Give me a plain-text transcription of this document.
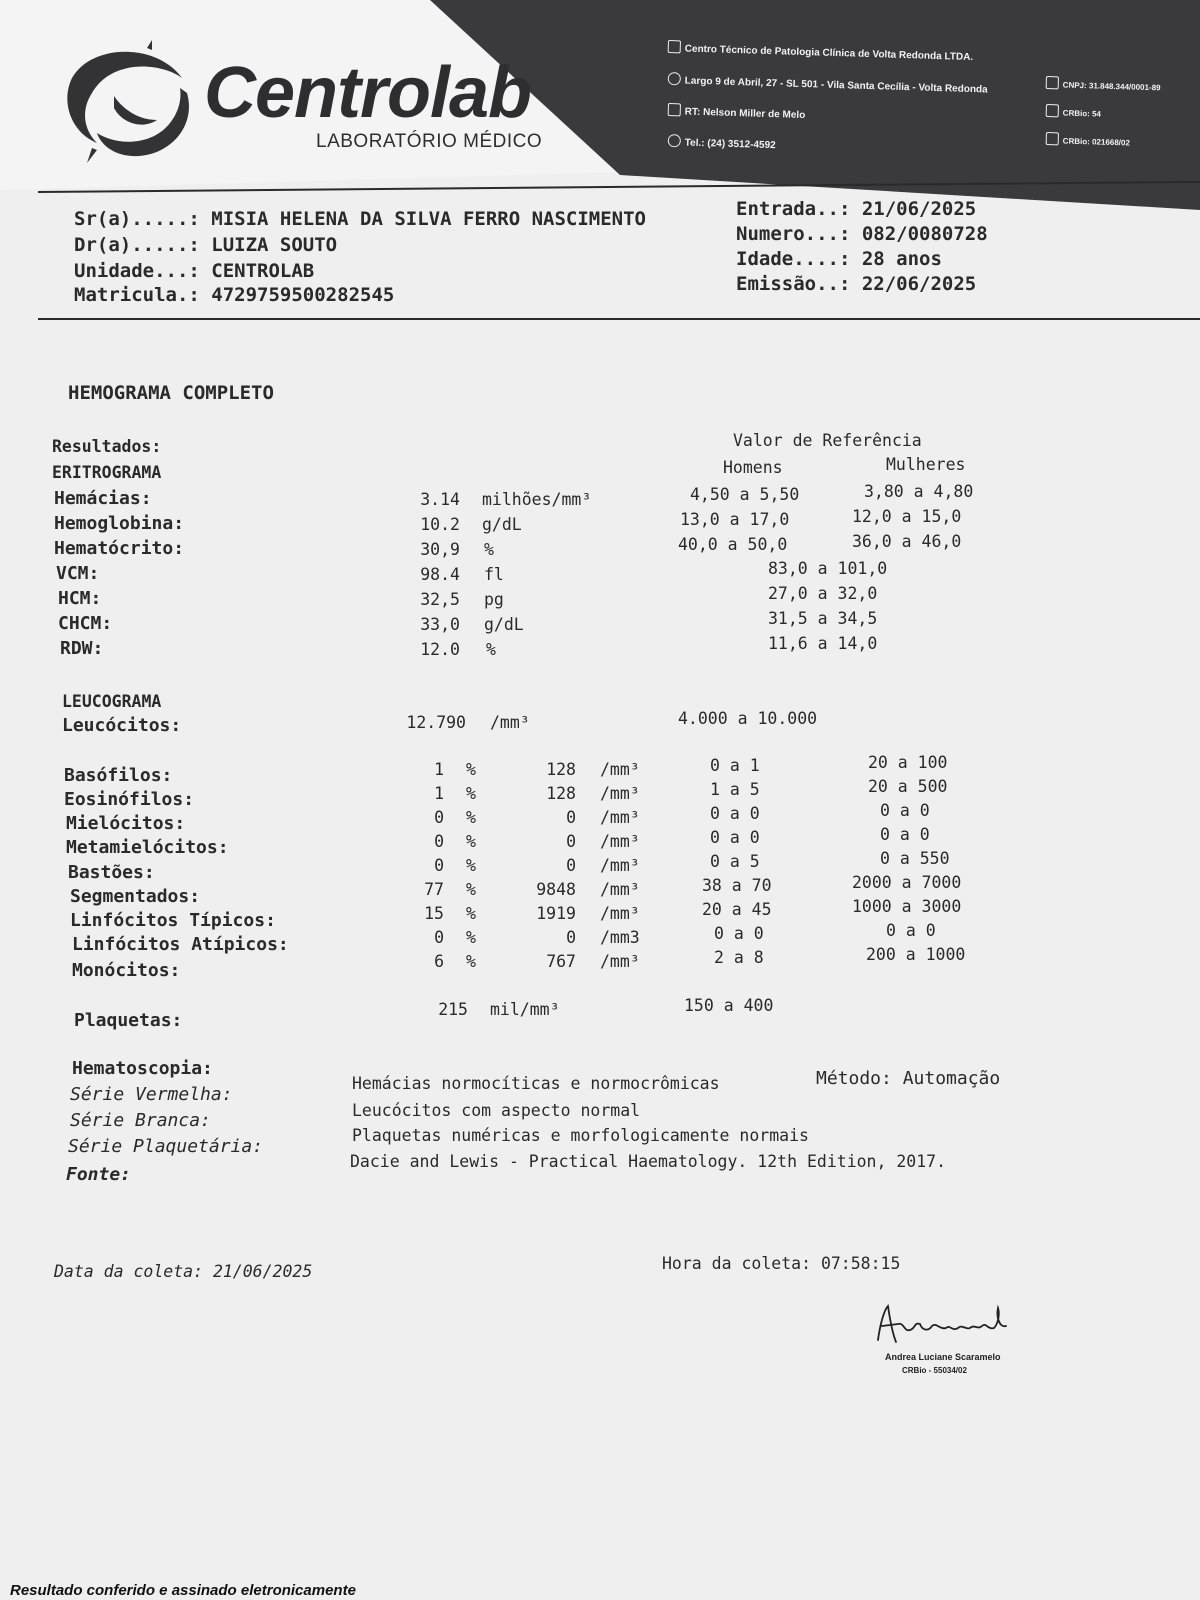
Centrolab
LABORATÓRIO MÉDICO
Centro Técnico de Patologia Clínica de Volta Redonda LTDA.
Largo 9 de Abril, 27 - SL 501 - Vila Santa Cecília - Volta Redonda
RT: Nelson Miller de Melo
Tel.: (24) 3512-4592
CNPJ: 31.848.344/0001-89
CRBio: 54
CRBio: 021668/02
Sr(a).....: MISIA HELENA DA SILVA FERRO NASCIMENTO
Dr(a).....: LUIZA SOUTO
Unidade...: CENTROLAB
Matricula.: 4729759500282545
Entrada..: 21/06/2025
Numero...: 082/0080728
Idade....: 28 anos
Emissão..: 22/06/2025
HEMOGRAMA COMPLETO
Resultados:	Valor de Referência
Homens	Mulheres
ERITROGRAMA
Hemácias:	3.14 milhões/mm³	4,50 a 5,50	3,80 a 4,80
Hemoglobina:	10.2 g/dL	13,0 a 17,0	12,0 a 15,0
Hematócrito:	30,9 %	40,0 a 50,0	36,0 a 46,0
VCM:	98.4 fl	83,0 a 101,0
HCM:	32,5 pg	27,0 a 32,0
CHCM:	33,0 g/dL	31,5 a 34,5
RDW:	12.0 %	11,6 a 14,0
LEUCOGRAMA
Leucócitos:	12.790 /mm³	4.000 a 10.000
Basófilos:	1 %	128 /mm³	0 a 1	20 a 100
Eosinófilos:	1 %	128 /mm³	1 a 5	20 a 500
Mielócitos:	0 %	0 /mm³	0 a 0	0 a 0
Metamielócitos:	0 %	0 /mm³	0 a 0	0 a 0
Bastões:	0 %	0 /mm³	0 a 5	0 a 550
Segmentados:	77 %	9848 /mm³	38 a 70	2000 a 7000
Linfócitos Típicos:	15 %	1919 /mm³	20 a 45	1000 a 3000
Linfócitos Atípicos:	0 %	0 /mm3	0 a 0	0 a 0
Monócitos:	6 %	767 /mm³	2 a 8	200 a 1000
Plaquetas:
215 mil/mm³	150 a 400
Hematoscopia:
Série Vermelha:
Hemácias normocíticas e normocrômicas	Método: Automação
Série Branca:	Leucócitos com aspecto normal
Série Plaquetária:
Plaquetas numéricas e morfologicamente normais
Fonte:
Dacie and Lewis - Practical Haematology. 12th Edition, 2017.
Data da coleta: 21/06/2025	Hora da coleta: 07:58:15
Andrea Luciane Scaramelo
CRBio - 55034/02
Resultado conferido e assinado eletronicamente
